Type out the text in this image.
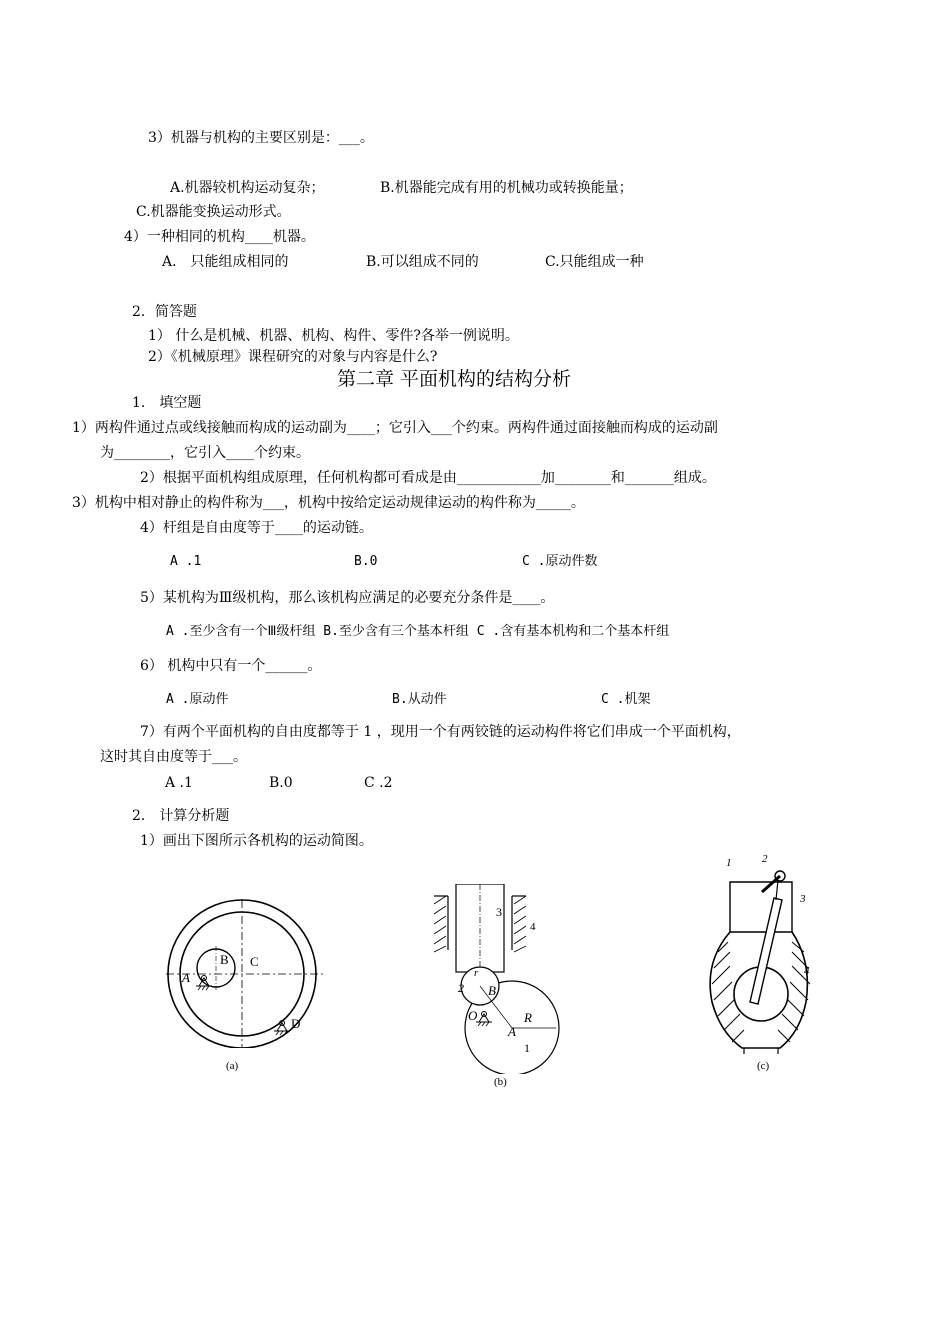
3）机器与机构的主要区别是：___。
A.机器较机构运动复杂；	B.机器能完成有用的机械功或转换能量；
C.机器能变换运动形式。
4）一种相同的机构____机器。
A． 只能组成相同的	B.可以组成不同的	C.只能组成一种
2．简答题
1） 什么是机械、机器、机构、构件、零件?各举一例说明。
2）《机械原理》课程研究的对象与内容是什么?
第二章 平面机构的结构分析
1． 填空题
1）两构件通过点或线接触而构成的运动副为____；它引入___个约束。两构件通过面接触而构成的运动副
为________，它引入____个约束。
2）根据平面机构组成原理，任何机构都可看成是由____________加________和_______组成。
3）机构中相对静止的构件称为___，机构中按给定运动规律运动的构件称为_____。
4）杆组是自由度等于____的运动链。
A .1	B.0	C .原动件数
5）某机构为Ⅲ级机构，那么该机构应满足的必要充分条件是____。
A .至少含有一个Ⅲ级杆组 B.至少含有三个基本杆组 C .含有基本机构和二个基本杆组
6） 机构中只有一个______。
A .原动件	B.从动件	C .机架
7）有两个平面机构的自由度都等于 1 ，现用一个有两铰链的运动构件将它们串成一个平面机构，
这时其自由度等于___。
A .1	B.0	C .2
2． 计算分析题
1）画出下图所示各机构的运动简图。
A
B C
D
(a)
3
4
r
2 B
O
A
R
1
(b)
1	2
3
4
(c)
